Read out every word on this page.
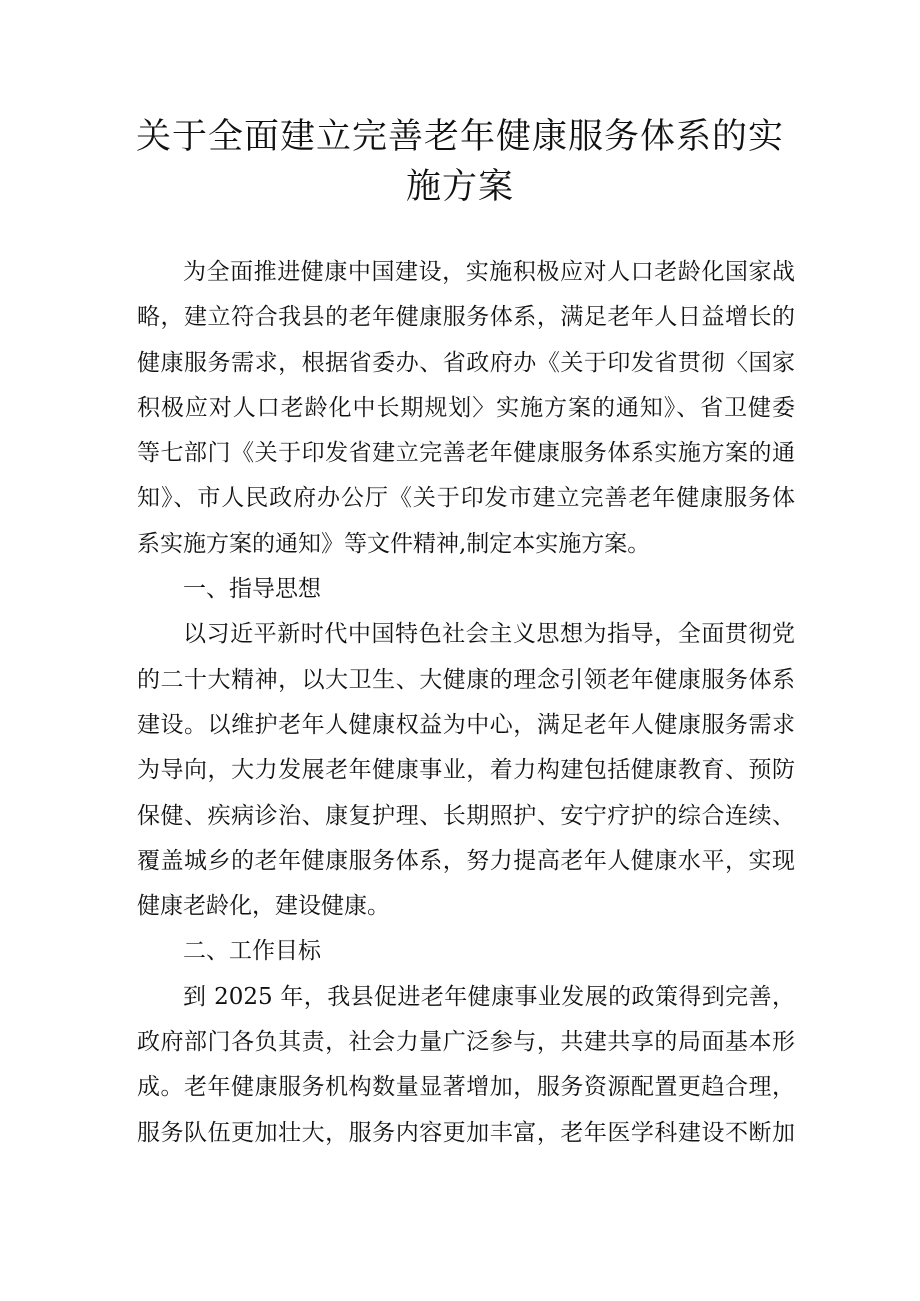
关于全面建立完善老年健康服务体系的实
施方案
为全面推进健康中国建设，实施积极应对人口老龄化国家战
略，建立符合我县的老年健康服务体系，满足老年人日益增长的
健康服务需求，根据省委办、省政府办《关于印发省贯彻〈国家
积极应对人口老龄化中长期规划〉实施方案的通知》、省卫健委
等七部门《关于印发省建立完善老年健康服务体系实施方案的通
知》、市人民政府办公厅《关于印发市建立完善老年健康服务体
系实施方案的通知》等文件精神,制定本实施方案。
一、指导思想
以习近平新时代中国特色社会主义思想为指导，全面贯彻党
的二十大精神，以大卫生、大健康的理念引领老年健康服务体系
建设。以维护老年人健康权益为中心，满足老年人健康服务需求
为导向，大力发展老年健康事业，着力构建包括健康教育、预防
保健、疾病诊治、康复护理、长期照护、安宁疗护的综合连续、
覆盖城乡的老年健康服务体系，努力提高老年人健康水平，实现
健康老龄化，建设健康。
二、工作目标
到 2025 年，我县促进老年健康事业发展的政策得到完善，
政府部门各负其责，社会力量广泛参与，共建共享的局面基本形
成。老年健康服务机构数量显著增加，服务资源配置更趋合理，
服务队伍更加壮大，服务内容更加丰富，老年医学科建设不断加
